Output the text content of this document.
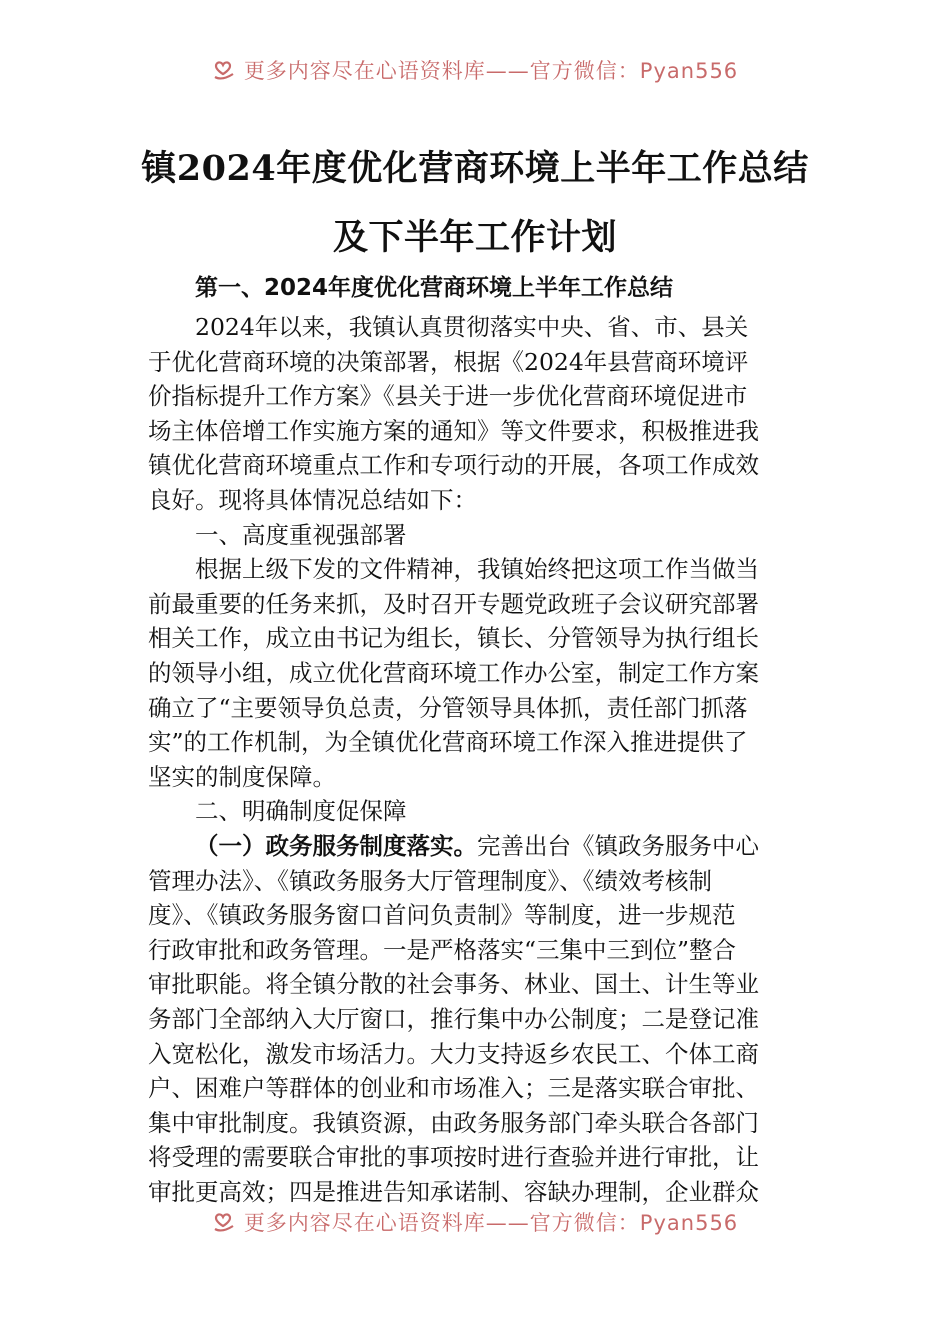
更多内容尽在心语资料库——官方微信：Pyan556
镇2024年度优化营商环境上半年工作总结
及下半年工作计划
第一、2024年度优化营商环境上半年工作总结
　　2024年以来，我镇认真贯彻落实中央、省、市、县关
于优化营商环境的决策部署，根据《2024年县营商环境评
价指标提升工作方案》《县关于进一步优化营商环境促进市
场主体倍增工作实施方案的通知》等文件要求，积极推进我
镇优化营商环境重点工作和专项行动的开展，各项工作成效
良好。现将具体情况总结如下：
　　一、高度重视强部署
　　根据上级下发的文件精神，我镇始终把这项工作当做当
前最重要的任务来抓，及时召开专题党政班子会议研究部署
相关工作，成立由书记为组长，镇长、分管领导为执行组长
的领导小组，成立优化营商环境工作办公室，制定工作方案
确立了“主要领导负总责，分管领导具体抓，责任部门抓落
实”的工作机制，为全镇优化营商环境工作深入推进提供了
坚实的制度保障。
　　二、明确制度促保障
（一）政务服务制度落实。完善出台《镇政务服务中心
管理办法》、《镇政务服务大厅管理制度》、《绩效考核制
度》、《镇政务服务窗口首问负责制》等制度，进一步规范
行政审批和政务管理。一是严格落实“三集中三到位”整合
审批职能。将全镇分散的社会事务、林业、国土、计生等业
务部门全部纳入大厅窗口，推行集中办公制度；二是登记准
入宽松化，激发市场活力。大力支持返乡农民工、个体工商
户、困难户等群体的创业和市场准入；三是落实联合审批、
集中审批制度。我镇资源，由政务服务部门牵头联合各部门
将受理的需要联合审批的事项按时进行查验并进行审批，让
审批更高效；四是推进告知承诺制、容缺办理制，企业群众
更多内容尽在心语资料库——官方微信：Pyan556
